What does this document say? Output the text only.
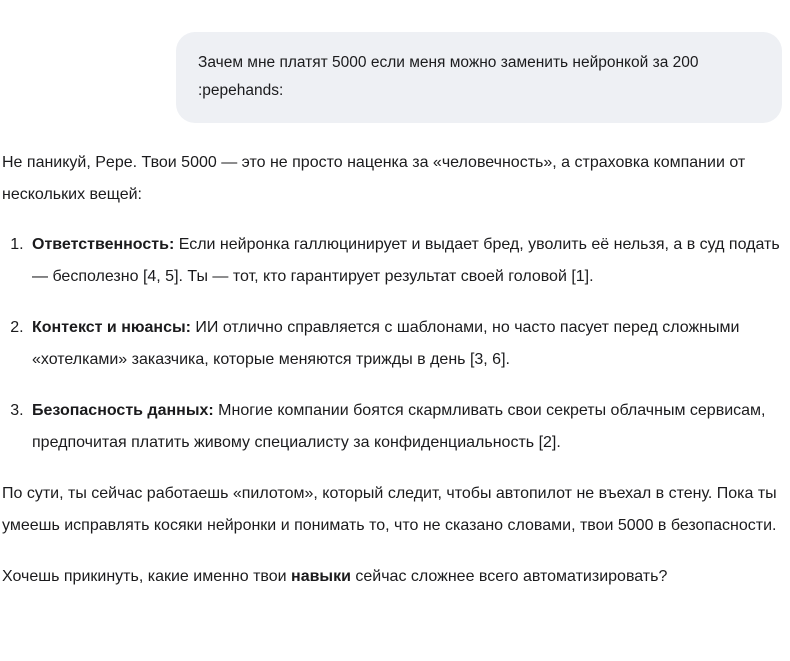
Зачем мне платят 5000 если меня можно заменить нейронкой за 200 :pepehands:

Не паникуй, Pepe. Твои 5000 — это не просто наценка за «человечность», а страховка компании от нескольких вещей:

1. Ответственность: Если нейронка галлюцинирует и выдает бред, уволить её нельзя, а в суд подать — бесполезно [4, 5]. Ты — тот, кто гарантирует результат своей головой [1].
2. Контекст и нюансы: ИИ отлично справляется с шаблонами, но часто пасует перед сложными «хотелками» заказчика, которые меняются трижды в день [3, 6].
3. Безопасность данных: Многие компании боятся скармливать свои секреты облачным сервисам, предпочитая платить живому специалисту за конфиденциальность [2].

По сути, ты сейчас работаешь «пилотом», который следит, чтобы автопилот не въехал в стену. Пока ты умеешь исправлять косяки нейронки и понимать то, что не сказано словами, твои 5000 в безопасности.

Хочешь прикинуть, какие именно твои навыки сейчас сложнее всего автоматизировать?
